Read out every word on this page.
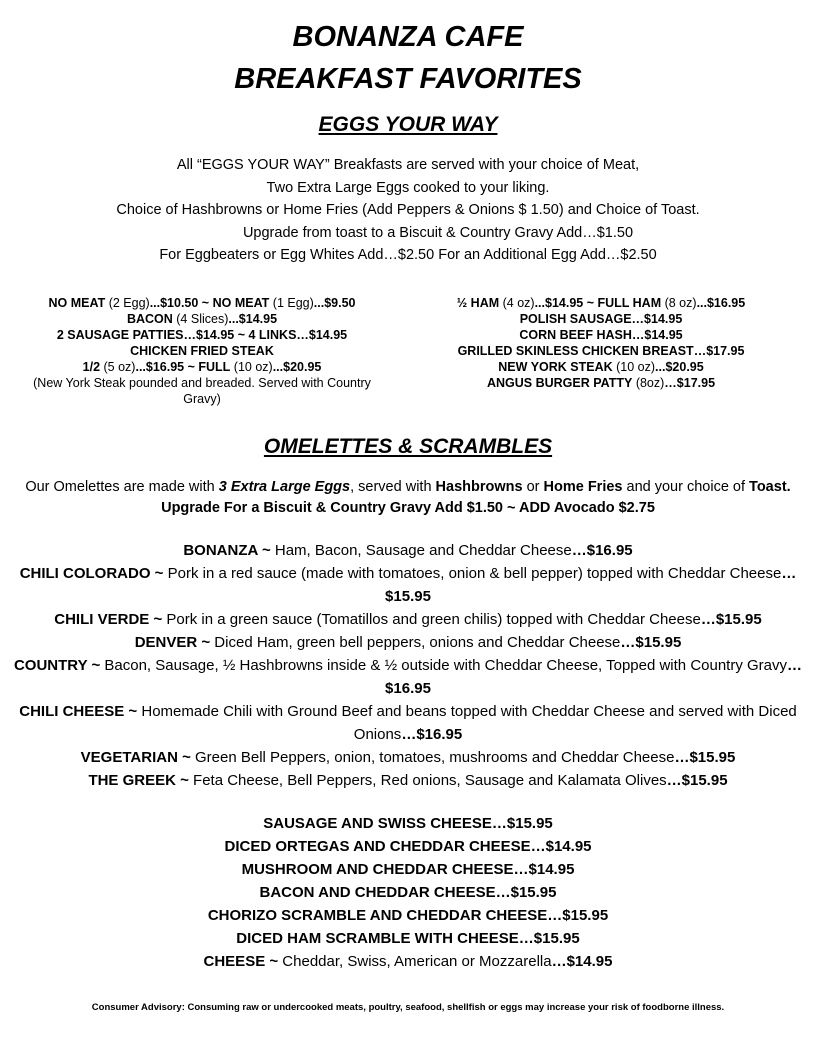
BONANZA CAFE
BREAKFAST FAVORITES
EGGS YOUR WAY
All “EGGS YOUR WAY” Breakfasts are served with your choice of Meat,
Two Extra Large Eggs cooked to your liking.
Choice of Hashbrowns or Home Fries (Add Peppers & Onions $ 1.50) and Choice of Toast.
Upgrade from toast to a Biscuit & Country Gravy Add…$1.50
For Eggbeaters or Egg Whites Add…$2.50 For an Additional Egg Add…$2.50
NO MEAT (2 Egg)...$10.50 ~ NO MEAT (1 Egg)...$9.50
BACON (4 Slices)...$14.95
2 SAUSAGE PATTIES…$14.95 ~ 4 LINKS…$14.95
CHICKEN FRIED STEAK
1/2 (5 oz)...$16.95 ~ FULL (10 oz)...$20.95
(New York Steak pounded and breaded. Served with Country Gravy)
½ HAM (4 oz)...$14.95 ~ FULL HAM (8 oz)...$16.95
POLISH SAUSAGE…$14.95
CORN BEEF HASH…$14.95
GRILLED SKINLESS CHICKEN BREAST…$17.95
NEW YORK STEAK (10 oz)...$20.95
ANGUS BURGER PATTY (8oz)…$17.95
OMELETTES & SCRAMBLES
Our Omelettes are made with 3 Extra Large Eggs, served with Hashbrowns or Home Fries and your choice of Toast. Upgrade For a Biscuit & Country Gravy Add $1.50 ~ ADD Avocado $2.75
BONANZA ~ Ham, Bacon, Sausage and Cheddar Cheese…$16.95
CHILI COLORADO ~ Pork in a red sauce (made with tomatoes, onion & bell pepper) topped with Cheddar Cheese…$15.95
CHILI VERDE ~ Pork in a green sauce (Tomatillos and green chilis) topped with Cheddar Cheese…$15.95
DENVER ~ Diced Ham, green bell peppers, onions and Cheddar Cheese…$15.95
COUNTRY ~ Bacon, Sausage, ½ Hashbrowns inside & ½ outside with Cheddar Cheese, Topped with Country Gravy…$16.95
CHILI CHEESE ~ Homemade Chili with Ground Beef and beans topped with Cheddar Cheese and served with Diced Onions…$16.95
VEGETARIAN ~ Green Bell Peppers, onion, tomatoes, mushrooms and Cheddar Cheese…$15.95
THE GREEK ~ Feta Cheese, Bell Peppers, Red onions, Sausage and Kalamata Olives…$15.95
SAUSAGE AND SWISS CHEESE…$15.95
DICED ORTEGAS AND CHEDDAR CHEESE…$14.95
MUSHROOM AND CHEDDAR CHEESE…$14.95
BACON AND CHEDDAR CHEESE…$15.95
CHORIZO SCRAMBLE AND CHEDDAR CHEESE…$15.95
DICED HAM SCRAMBLE WITH CHEESE…$15.95
CHEESE ~ Cheddar, Swiss, American or Mozzarella…$14.95
Consumer Advisory: Consuming raw or undercooked meats, poultry, seafood, shellfish or eggs may increase your risk of foodborne illness.
